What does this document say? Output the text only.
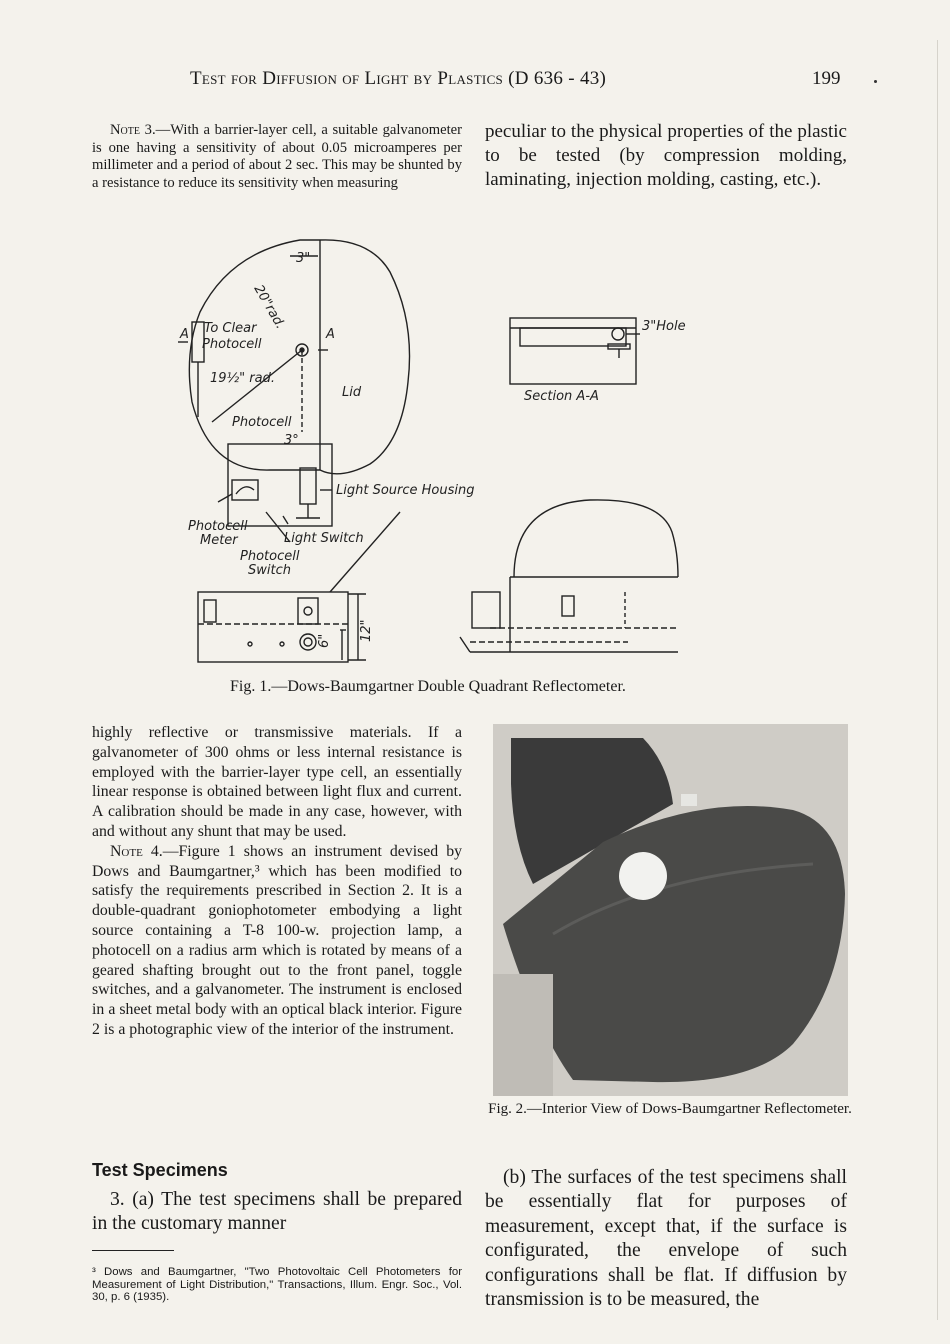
Test for Diffusion of Light by Plastics (D 636 - 43)	199

Note 3.—With a barrier-layer cell, a suitable galvanometer is one having a sensitivity of about 0.05 microamperes per millimeter and a period of about 2 sec. This may be shunted by a resistance to reduce its sensitivity when measuring

peculiar to the physical properties of the plastic to be tested (by compression molding, laminating, injection molding, casting, etc.).

3"
20"rad.
To Clear
Photocell
A	A
19½" rad.
Photocell
3°
Lid
Light Source Housing
Photocell
Meter	Light Switch
Photocell
Switch
6" 12"
3"Hole
Section A-A
Fig. 1.—Dows-Baumgartner Double Quadrant Reflectometer.

highly reflective or transmissive materials. If a galvanometer of 300 ohms or less internal resistance is employed with the barrier-layer type cell, an essentially linear response is obtained between light flux and current. A calibration should be made in any case, however, with and without any shunt that may be used.

Note 4.—Figure 1 shows an instrument devised by Dows and Baumgartner,³ which has been modified to satisfy the requirements prescribed in Section 2. It is a double-quadrant goniophotometer embodying a light source containing a T-8 100-w. projection lamp, a photocell on a radius arm which is rotated by means of a geared shafting brought out to the front panel, toggle switches, and a galvanometer. The instrument is enclosed in a sheet metal body with an optical black interior. Figure 2 is a photographic view of the interior of the instrument.

Fig. 2.—Interior View of Dows-Baumgartner Reflectometer.
Test Specimens

3. (a) The test specimens shall be prepared in the customary manner

³ Dows and Baumgartner, "Two Photovoltaic Cell Photometers for Measurement of Light Distribution," Transactions, Illum. Engr. Soc., Vol. 30, p. 6 (1935).

(b) The surfaces of the test specimens shall be essentially flat for purposes of measurement, except that, if the surface is configurated, the envelope of such configurations shall be flat. If diffusion by transmission is to be measured, the
